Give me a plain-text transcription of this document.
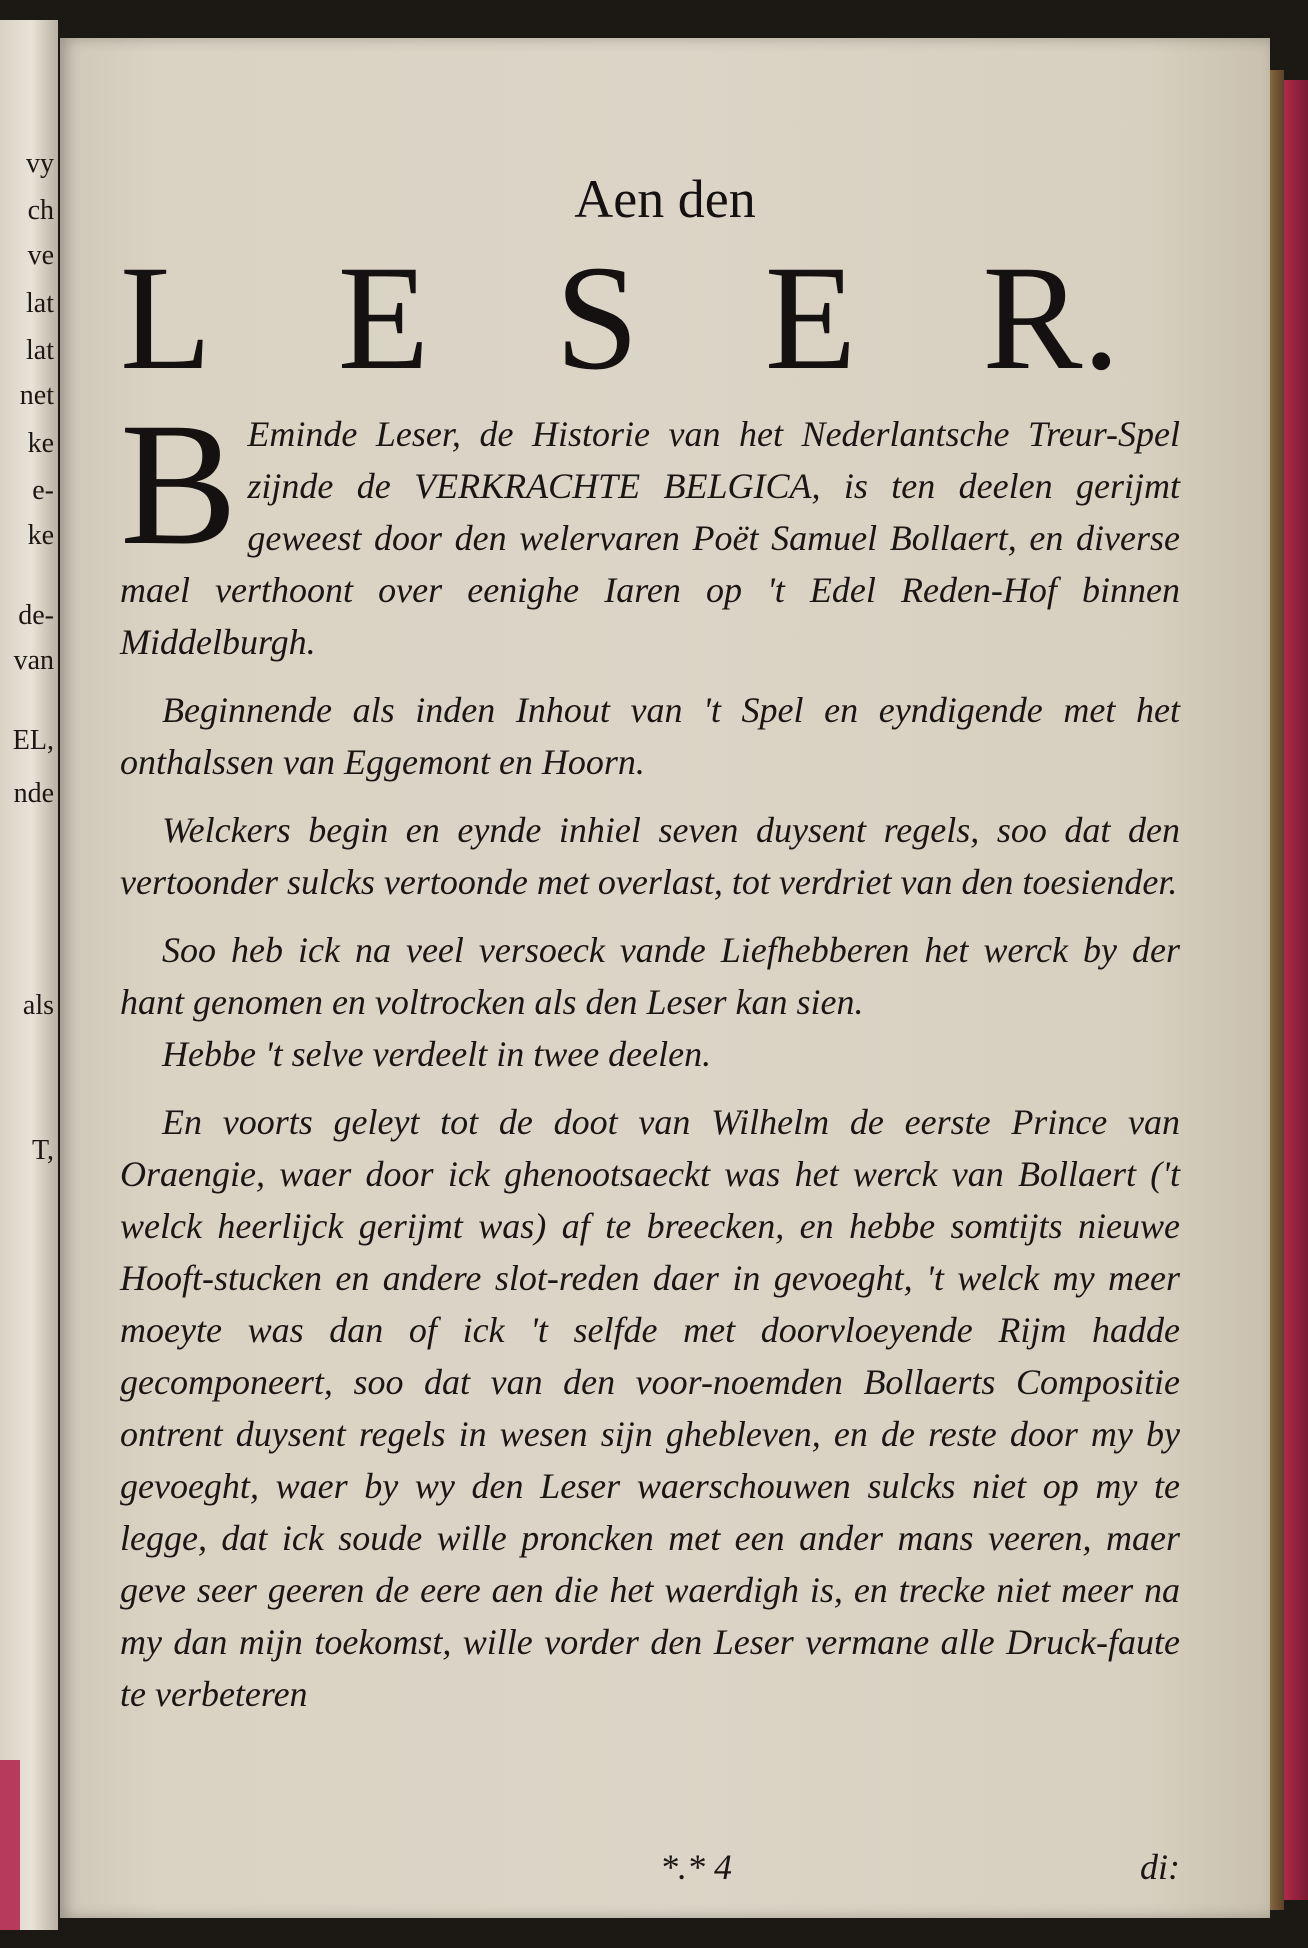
vy
ch
ve
lat
lat
net
ke
e-
ke
de-
van
EL,
nde
als
T,
Aen den
L E S E R.

B Eminde Leser, de Historie van het Nederlantsche Treur-Spel zijnde de VERKRACHTE BELGICA, is ten deelen gerijmt geweest door den welervaren Poët Samuel Bollaert, en diverse mael verthoont over eenighe Iaren op 't Edel Reden-Hof binnen Middelburgh.

Beginnende als inden Inhout van 't Spel en eyndigende met het onthalssen van Eggemont en Hoorn.

Welckers begin en eynde inhiel seven duysent regels, soo dat den vertoonder sulcks vertoonde met overlast, tot verdriet van den toesiender.

Soo heb ick na veel versoeck vande Liefhebberen het werck by der hant genomen en voltrocken als den Leser kan sien.

Hebbe 't selve verdeelt in twee deelen.

En voorts geleyt tot de doot van Wilhelm de eerste Prince van Oraengie, waer door ick ghenootsaeckt was het werck van Bollaert ('t welck heerlijck gerijmt was) af te breecken, en hebbe somtijts nieuwe Hooft-stucken en andere slot-reden daer in gevoeght, 't welck my meer moeyte was dan of ick 't selfde met doorvloeyende Rijm hadde gecomponeert, soo dat van den voor-noemden Bollaerts Compositie ontrent duysent regels in wesen sijn ghebleven, en de reste door my by gevoeght, waer by wy den Leser waerschouwen sulcks niet op my te legge, dat ick soude wille proncken met een ander mans veeren, maer geve seer geeren de eere aen die het waerdigh is, en trecke niet meer na my dan mijn toekomst, wille vorder den Leser vermane alle Druck-faute te verbeteren

*.* 4	di:
